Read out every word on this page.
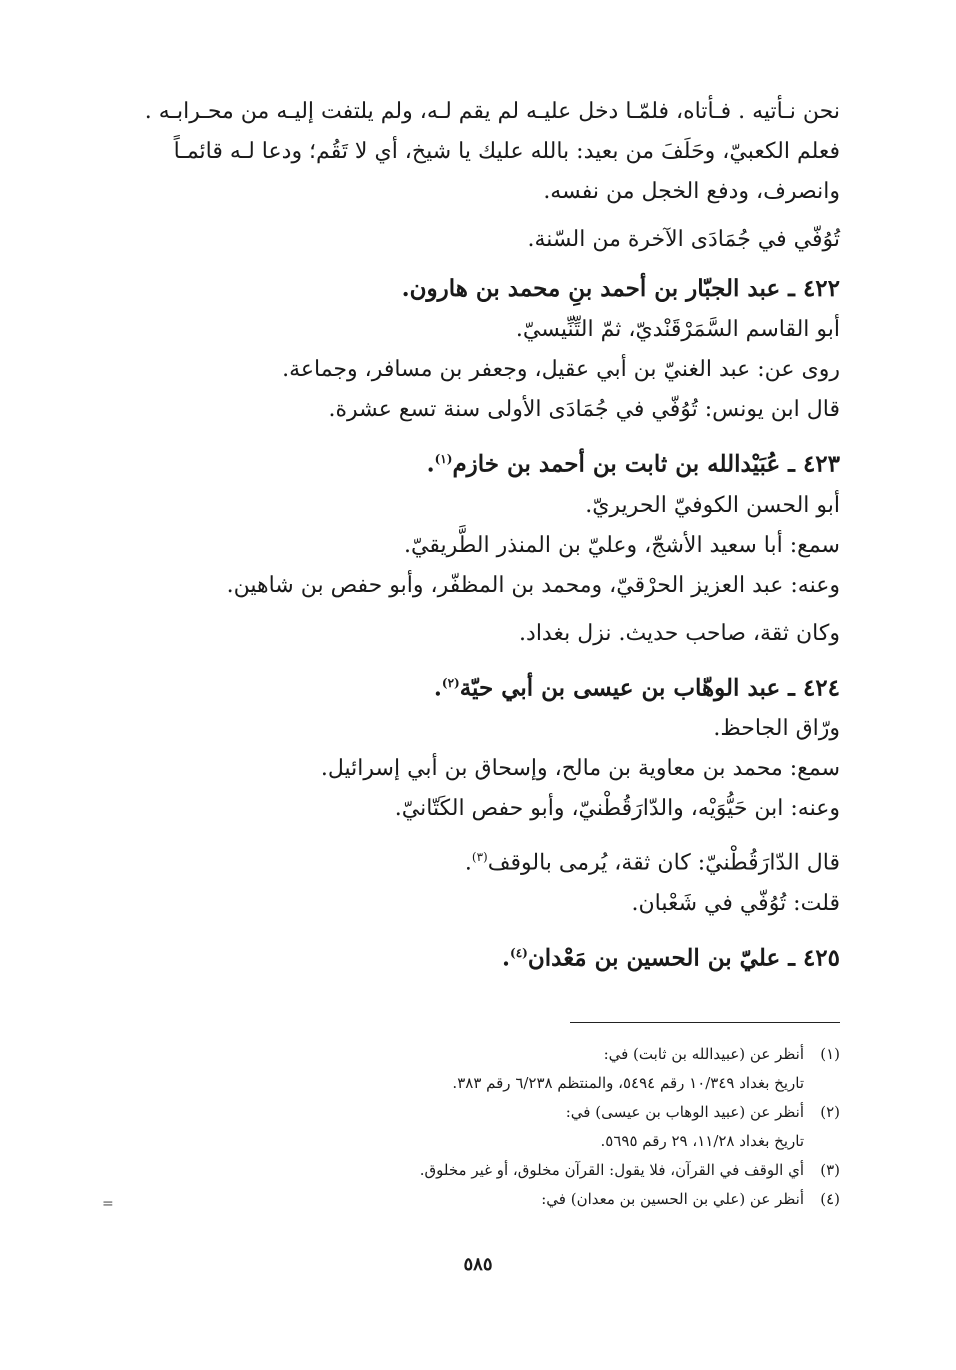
نحن نـأتيه . فـأتاه، فلمّـا دخل عليـه لم يقم لـه، ولم يلتفت إليـه من محـرابـه .
فعلم الكعبيّ، وحَلَفَ من بعيد: بالله عليك يا شيخ، أي لا تَقُم؛ ودعا لـه قائمـاً
وانصرف، ودفع الخجل من نفسه.
تُوُفّي في جُمَادَى الآخرة من السّنة.
٤٢٢ ـ عبد الجبّار بن أحمد بنِ محمد بن هارون.
أبو القاسم السَّمَرْقَنْديّ، ثمّ التِّنِّيسيّ.
روى عن: عبد الغنيّ بن أبي عقيل، وجعفر بن مسافر، وجماعة.
قال ابن يونس: تُوُفّي في جُمَادَى الأولى سنة تسع عشرة.
٤٢٣ ـ عُبَيْدالله بن ثابت بن أحمد بن خازم$^{(١)}$.
أبو الحسن الكوفيّ الحريريّ.
سمع: أبا سعيد الأشجّ، وعليّ بن المنذر الطَّريقيّ.
وعنه: عبد العزيز الحرْقيّ، ومحمد بن المظفّر، وأبو حفص بن شاهين.
وكان ثقة، صاحب حديث. نزل بغداد.
٤٢٤ ـ عبد الوهّاب بن عيسى بن أبي حيّة$^{(٢)}$.
ورّاق الجاحظ.
سمع: محمد بن معاوية بن مالح، وإسحاق بن أبي إسرائيل.
وعنه: ابن حَيُّوَيْه، والدّارَقُطْنيّ، وأبو حفص الكَتّانيّ.
قال الدّارَقُطْنيّ: كان ثقة، يُرمى بالوقف$^{(٣)}$.
قلت: تُوُفّي في شَعْبان.
٤٢٥ ـ عليّ بن الحسين بن مَعْدان$^{(٤)}$.
(١)
أنظر عن (عبيدالله بن ثابت) في:
تاريخ بغداد ١٠/٣٤٩ رقم ٥٤٩٤، والمنتظم ٦/٢٣٨ رقم ٣٨٣.
(٢)
أنظر عن (عبيد الوهاب بن عيسى) في:
تاريخ بغداد ١١/٢٨، ٢٩ رقم ٥٦٩٥.
(٣)
أي الوقف في القرآن، فلا يقول: القرآن مخلوق، أو غير مخلوق.
(٤)
أنظر عن (علي بن الحسين بن معدان) في:
=
٥٨٥
